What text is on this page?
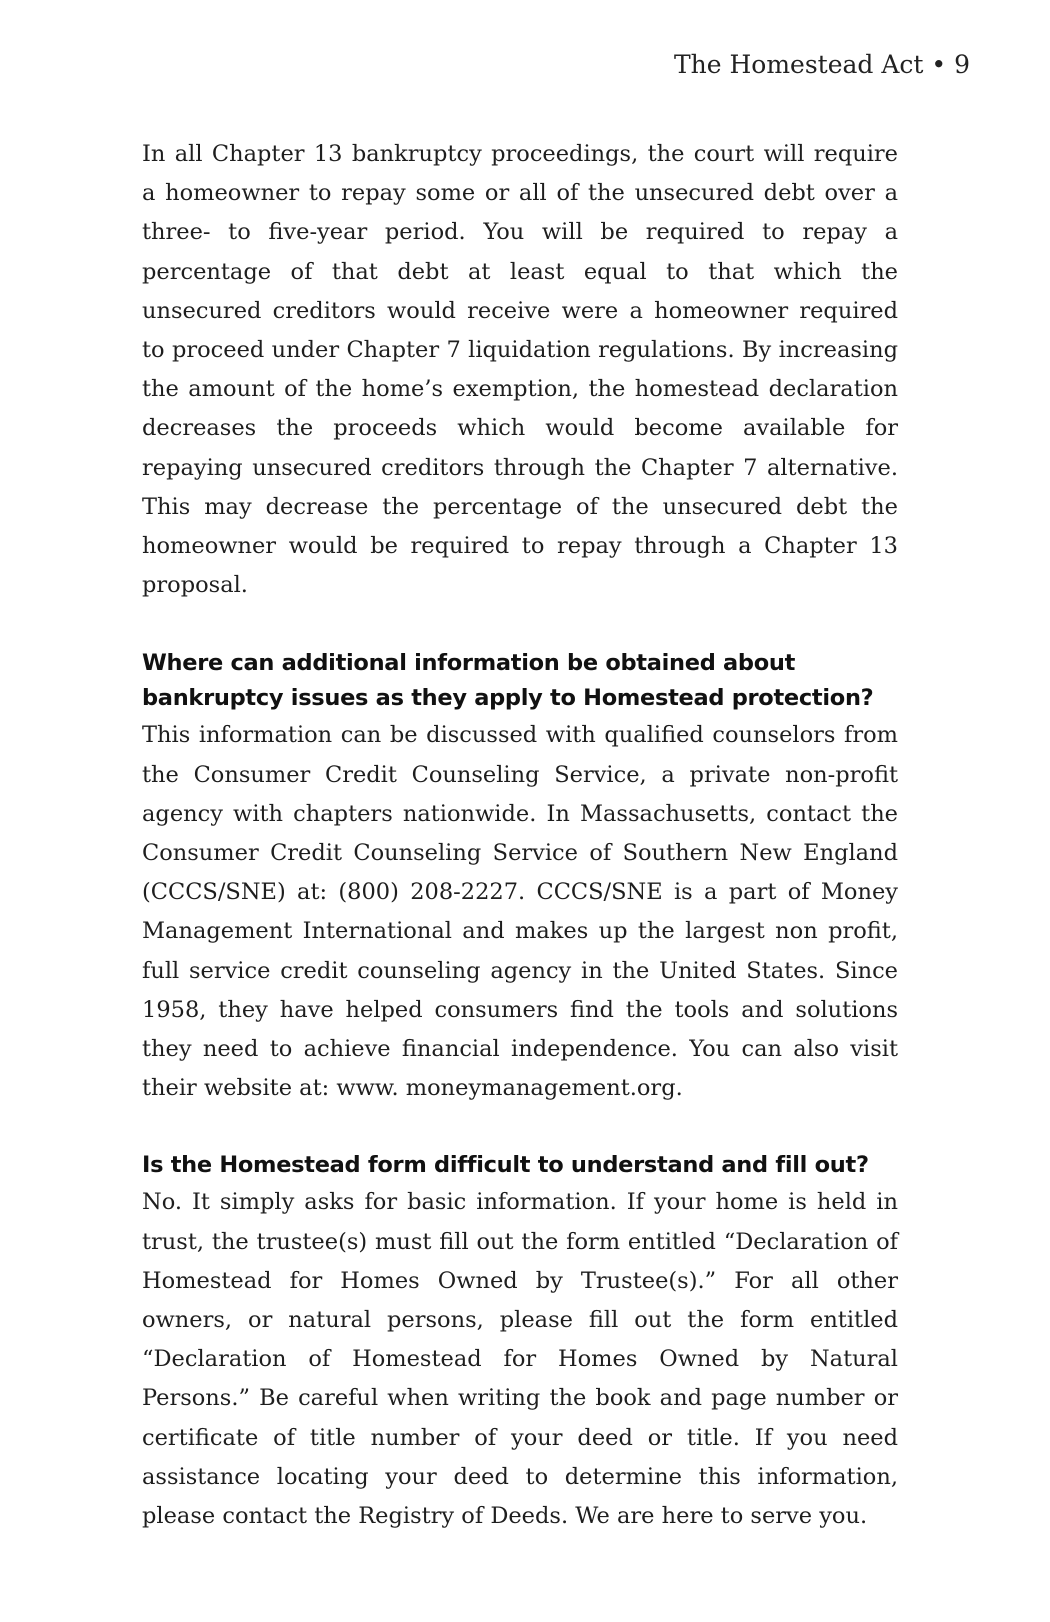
The Homestead Act • 9

In all Chapter 13 bankruptcy proceedings, the court will require a homeowner to repay some or all of the unsecured debt over a three- to five-year period. You will be required to repay a percentage of that debt at least equal to that which the unsecured creditors would receive were a homeowner required to proceed under Chapter 7 liquidation regulations. By increasing the amount of the home’s exemption, the homestead declaration decreases the proceeds which would become available for repaying unsecured creditors through the Chapter 7 alternative. This may decrease the percentage of the unsecured debt the homeowner would be required to repay through a Chapter 13 proposal.

Where can additional information be obtained about
bankruptcy issues as they apply to Homestead protection?

This information can be discussed with qualified counselors from the Consumer Credit Counseling Service, a private non-profit agency with chapters nationwide. In Massachusetts, contact the Consumer Credit Counseling Service of Southern New England (CCCS/SNE) at: (800) 208-2227. CCCS/SNE is a part of Money Management International and makes up the largest non profit, full service credit counseling agency in the United States. Since 1958, they have helped consumers find the tools and solutions they need to achieve financial independence. You can also visit their website at: www. moneymanagement.org.

Is the Homestead form difficult to understand and fill out?

No. It simply asks for basic information. If your home is held in trust, the trustee(s) must fill out the form entitled “Declaration of Homestead for Homes Owned by Trustee(s).” For all other owners, or natural persons, please fill out the form entitled “Declaration of Homestead for Homes Owned by Natural Persons.” Be careful when writing the book and page number or certificate of title number of your deed or title. If you need assistance locating your deed to determine this information, please contact the Registry of Deeds. We are here to serve you.
